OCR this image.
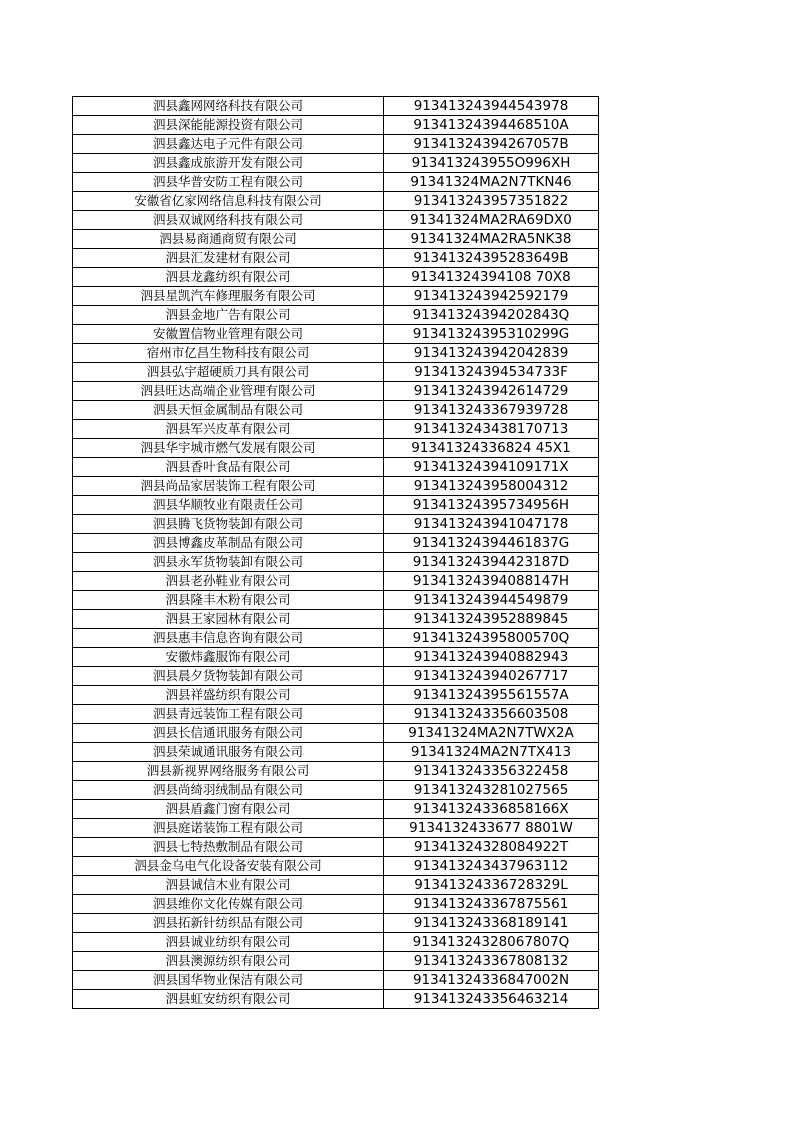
泗县鑫网网络科技有限公司	913413243944543978
泗县深能能源投资有限公司	91341324394468510A
泗县鑫达电子元件有限公司	91341324394267057B
泗县鑫成旅游开发有限公司	913413243955O996XH
泗县华普安防工程有限公司	91341324MA2N7TKN46
安徽省亿家网络信息科技有限公司	913413243957351822
泗县双诚网络科技有限公司	91341324MA2RA69DX0
泗县易商通商贸有限公司	91341324MA2RA5NK38
泗县汇发建材有限公司	91341324395283649B
泗县龙鑫纺织有限公司	91341324394108 70X8
泗县星凯汽车修理服务有限公司	913413243942592179
泗县金地广告有限公司	91341324394202843Q
安徽置信物业管理有限公司	91341324395310299G
宿州市亿昌生物科技有限公司	913413243942042839
泗县弘宇超硬质刀具有限公司	91341324394534733F
泗县旺达高端企业管理有限公司	913413243942614729
泗县天恒金属制品有限公司	913413243367939728
泗县军兴皮革有限公司	913413243438170713
泗县华宇城市燃气发展有限公司	91341324336824 45X1
泗县香叶食品有限公司	91341324394109171X
泗县尚品家居装饰工程有限公司	913413243958004312
泗县华顺牧业有限责任公司	91341324395734956H
泗县腾飞货物装卸有限公司	913413243941047178
泗县博鑫皮革制品有限公司	91341324394461837G
泗县永军货物装卸有限公司	91341324394423187D
泗县老孙鞋业有限公司	91341324394088147H
泗县隆丰木粉有限公司	913413243944549879
泗县王家园林有限公司	913413243952889845
泗县惠丰信息咨询有限公司	91341324395800570Q
安徽炜鑫服饰有限公司	913413243940882943
泗县晨夕货物装卸有限公司	913413243940267717
泗县祥盛纺织有限公司	91341324395561557A
泗县青远装饰工程有限公司	913413243356603508
泗县长信通讯服务有限公司	91341324MA2N7TWX2A
泗县荣诚通讯服务有限公司	91341324MA2N7TX413
泗县新视界网络服务有限公司	913413243356322458
泗县尚绮羽绒制品有限公司	913413243281027565
泗县盾鑫门窗有限公司	91341324336858166X
泗县庭诺装饰工程有限公司	9134132433677 8801W
泗县七特热敷制品有限公司	91341324328084922T
泗县金乌电气化设备安装有限公司	913413243437963112
泗县诚信木业有限公司	91341324336728329L
泗县维你文化传媒有限公司	913413243367875561
泗县拓新针纺织品有限公司	913413243368189141
泗县诚业纺织有限公司	91341324328067807Q
泗县澳源纺织有限公司	913413243367808132
泗县国华物业保洁有限公司	91341324336847002N
泗县虹安纺织有限公司	913413243356463214
